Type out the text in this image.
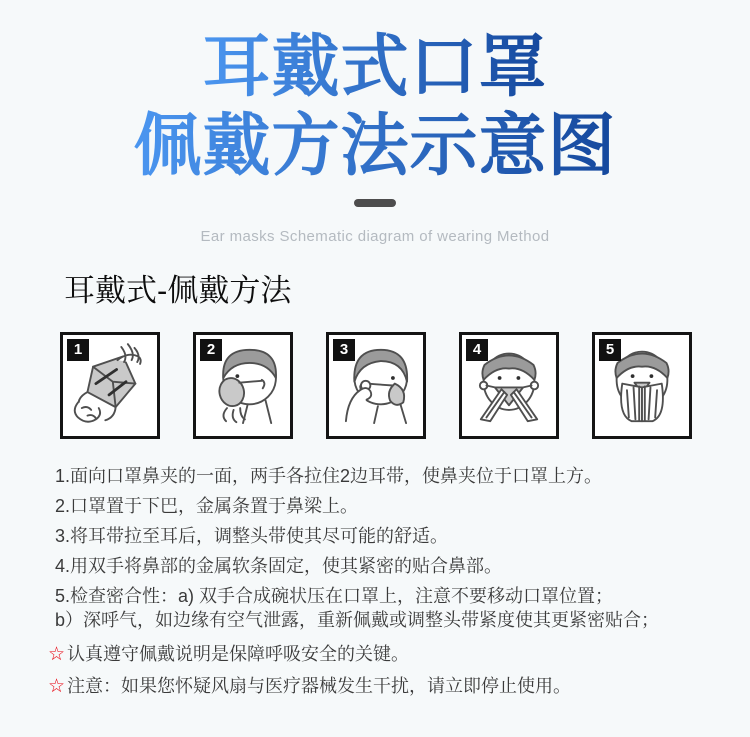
耳戴式口罩
佩戴方法示意图
Ear masks Schematic diagram of wearing Method
耳戴式-佩戴方法
1	2	3	4	5

1.面向口罩鼻夹的一面，两手各拉住2边耳带，使鼻夹位于口罩上方。

2.口罩置于下巴，金属条置于鼻梁上。

3.将耳带拉至耳后，调整头带使其尽可能的舒适。

4.用双手将鼻部的金属软条固定，使其紧密的贴合鼻部。

5.检查密合性：a) 双手合成碗状压在口罩上，注意不要移动口罩位置；

b）深呼气，如边缘有空气泄露，重新佩戴或调整头带紧度使其更紧密贴合；

☆ 认真遵守佩戴说明是保障呼吸安全的关键。

☆ 注意：如果您怀疑风扇与医疗器械发生干扰，请立即停止使用。
